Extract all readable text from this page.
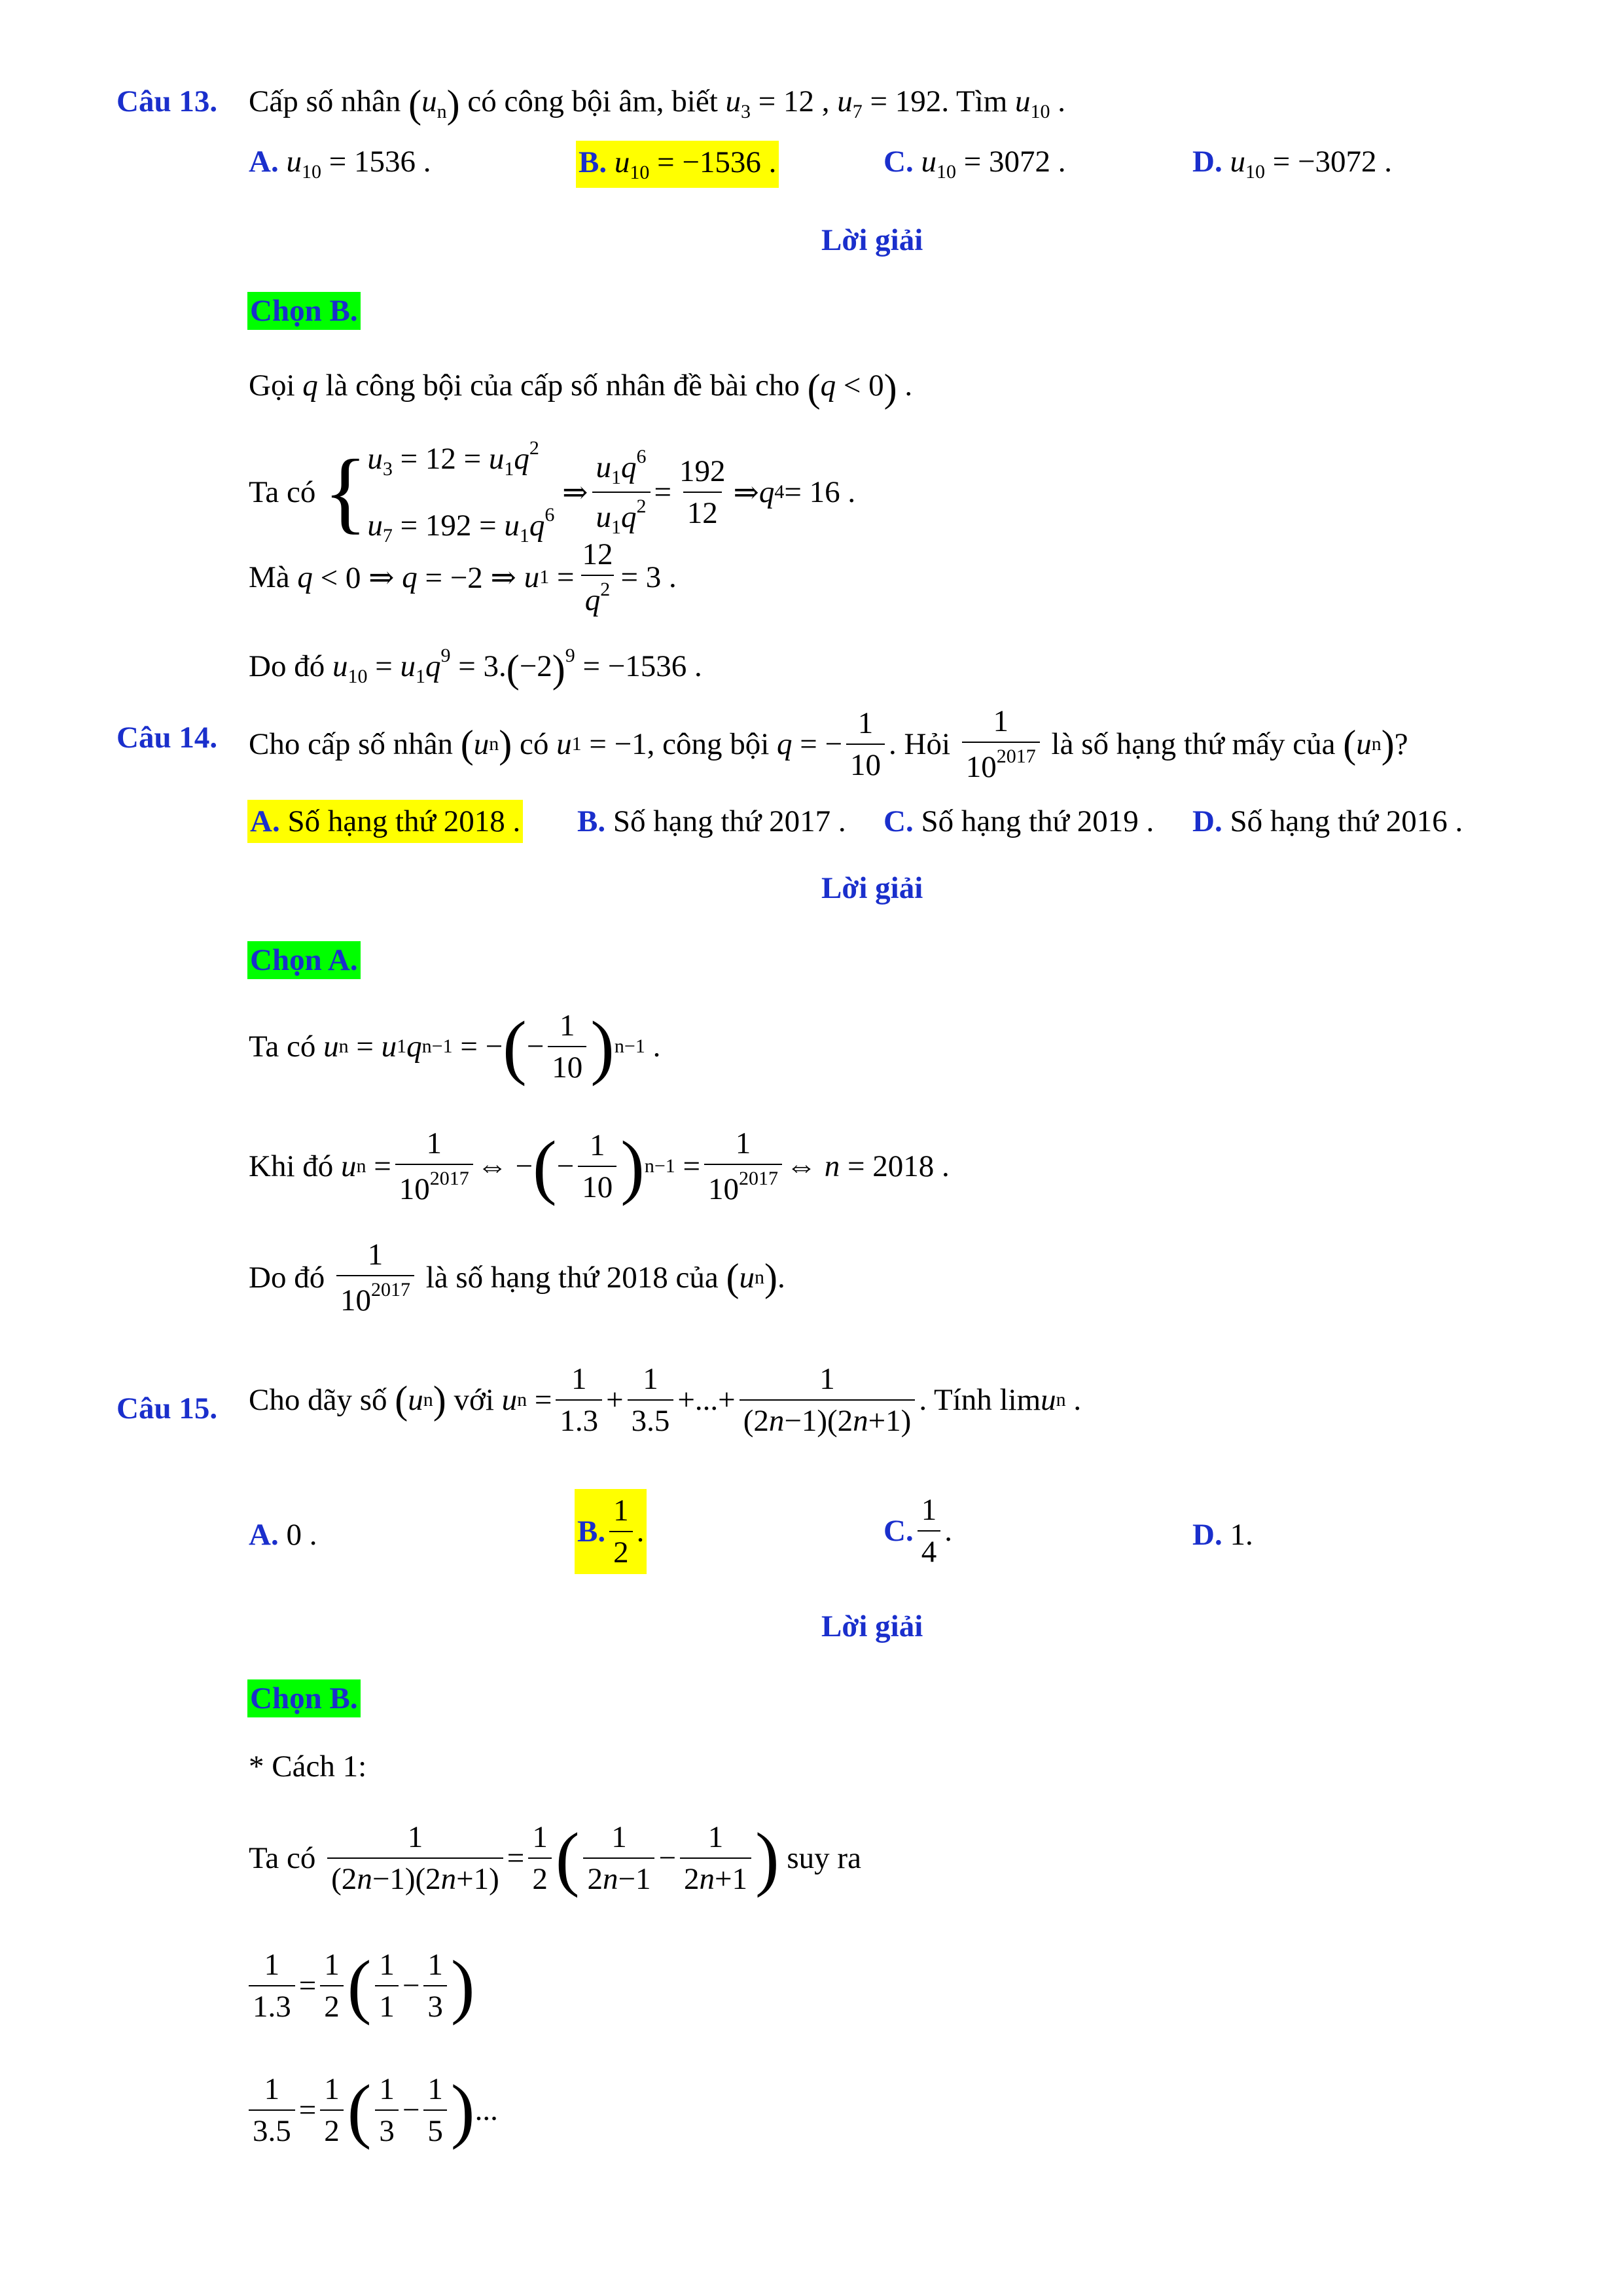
Câu 13. Cấp số nhân $(u_n)$ có công bội âm, biết $u_3 = 12$ , $u_7 = 192$. Tìm $u_{10}$ .
A. $u_{10} = 1536$ .	B. $u_{10} = -1536$ .	C. $u_{10} = 3072$ .	D. $u_{10} = -3072$ .
Lời giải
Chọn B.
Gọi q là công bội của cấp số nhân đề bài cho (q < 0) .
Ta có
{ $u_3 = 12 = u_1q^2$
$u_7 = 192 = u_1q^6$
⇒ $\frac{u_1q^6}{u_1q^2} = \frac{192}{12}$ ⇒ q 4 = 16 .
Mà
q < 0 ⇒ q = −2 ⇒ u $1 = \frac{12}{q^2} = 3$ .
Do đó $u_{10} = u_1q^9 = 3.(-2)^9 = -1536$ .
Câu 14. Cho cấp số nhân
( u n )
có
u 1 = −1, công bội
q = − $\frac{1}{10}$ . Hỏi
$\frac{1}{10^{2017}}$
là số hạng thứ mấy của
( u n ) ?
A. Số hạng thứ 2018 . B. Số hạng thứ 2017 . C. Số hạng thứ 2019 . D. Số hạng thứ 2016 .
Lời giải
Chọn A.
Ta có
u n = u 1 q n−1 = − ( − $\frac{1}{10}$ ) n−1 .
Khi đó
u $n = \frac{1}{10^{2017}}$ ⇔ − ( − $\frac{1}{10}$ ) $n-1 = \frac{1}{10^{2017}}$ ⇔ n = 2018 .
Do đó
$\frac{1}{10^{2017}}$
là số hạng thứ 2018 của
( u n ) .
Câu 15. Cho dãy số
( u n )
với
u $n = \frac{1}{1.3} + \frac{1}{3.5}$ +...+ $\frac{1}{(2n-1)(2n+1)}$ . Tính lim u n .
A. 0 .	B. $\frac{1}{2}$ .	C. $\frac{1}{4}$ .	D. 1.
Lời giải
Chọn B.
* Cách 1:
Ta có
$\frac{1}{(2n-1)(2n+1)} = \frac{1}{2}$ ( $\frac{1}{2n-1} - \frac{1}{2n+1}$ )
suy ra
$\frac{1}{1.3} = \frac{1}{2}$ ( $\frac{1}{1} - \frac{1}{3}$ )
$\frac{1}{3.5} = \frac{1}{2}$ ( $\frac{1}{3} - \frac{1}{5}$ ) ...
